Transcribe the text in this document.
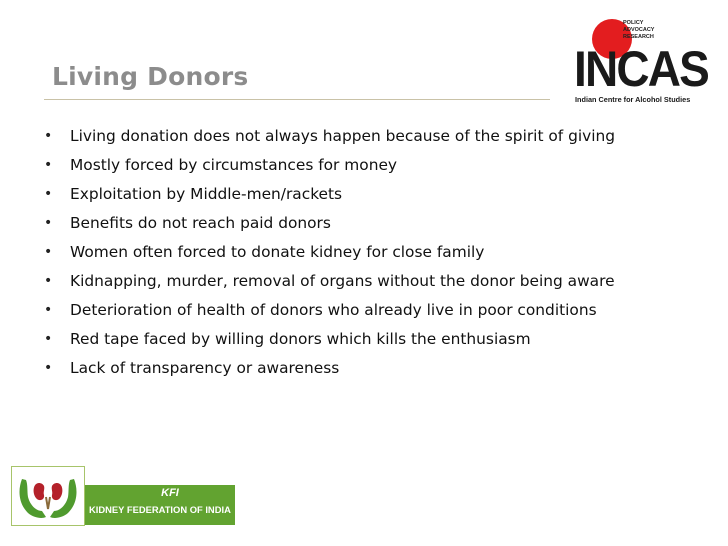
Living Donors
POLICY
ADVOCACY
RESEARCH
INCAS
Indian Centre for Alcohol Studies
• Living donation does not always happen because of the spirit of giving
• Mostly forced by circumstances for money
• Exploitation by Middle-men/rackets
• Benefits do not reach paid donors
• Women often forced to donate kidney for close family
• Kidnapping, murder, removal of organs without the donor being aware
• Deterioration of health of donors who already live in poor conditions
• Red tape faced by willing donors which kills the enthusiasm
• Lack of transparency or awareness
KFI
KIDNEY FEDERATION OF INDIA
